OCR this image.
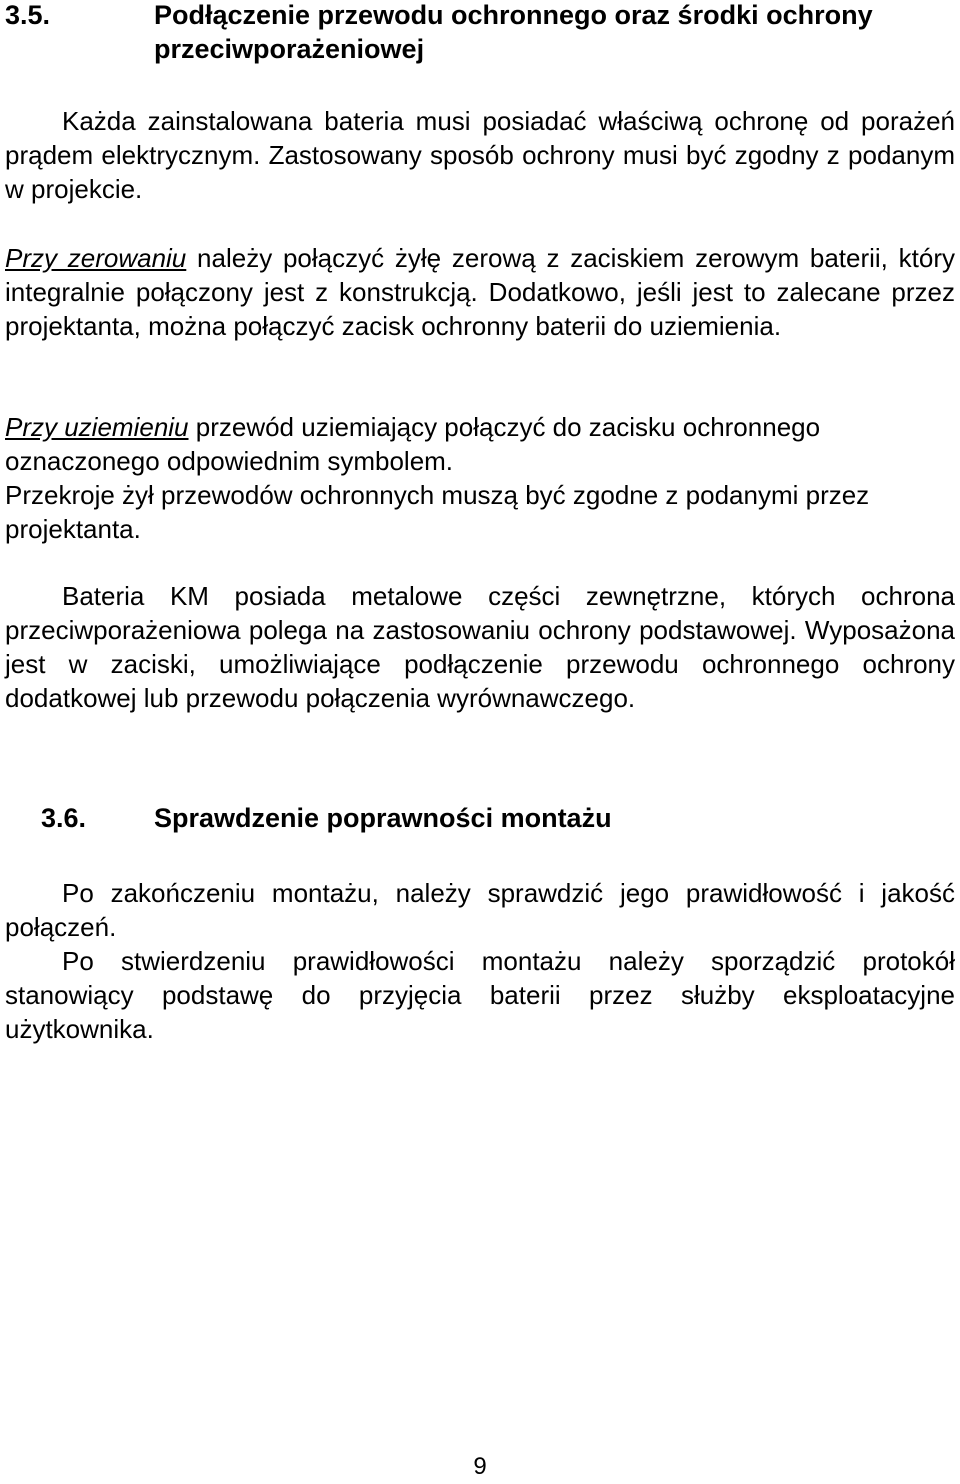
3.5.	Podłączenie przewodu ochronnego oraz środki ochrony przeciwporażeniowej
Każda zainstalowana bateria musi posiadać właściwą ochronę od porażeń prądem elektrycznym. Zastosowany sposób ochrony musi być zgodny z podanym w projekcie.
Przy zerowaniu należy połączyć żyłę zerową z zaciskiem zerowym baterii, który integralnie połączony jest z konstrukcją. Dodatkowo, jeśli jest to zalecane przez projektanta, można połączyć zacisk ochronny baterii do uziemienia.
Przy uziemieniu przewód uziemiający połączyć do zacisku ochronnego oznaczonego odpowiednim symbolem.
Przekroje żył przewodów ochronnych muszą być zgodne z podanymi przez projektanta.
Bateria KM posiada metalowe części zewnętrzne, których ochrona przeciwporażeniowa polega na zastosowaniu ochrony podstawowej. Wyposażona jest w zaciski, umożliwiające podłączenie przewodu ochronnego ochrony dodatkowej lub przewodu połączenia wyrównawczego.
3.6.	Sprawdzenie poprawności montażu
Po zakończeniu montażu, należy sprawdzić jego prawidłowość i jakość połączeń.
Po stwierdzeniu prawidłowości montażu należy sporządzić protokół stanowiący podstawę do przyjęcia baterii przez służby eksploatacyjne użytkownika.
9
